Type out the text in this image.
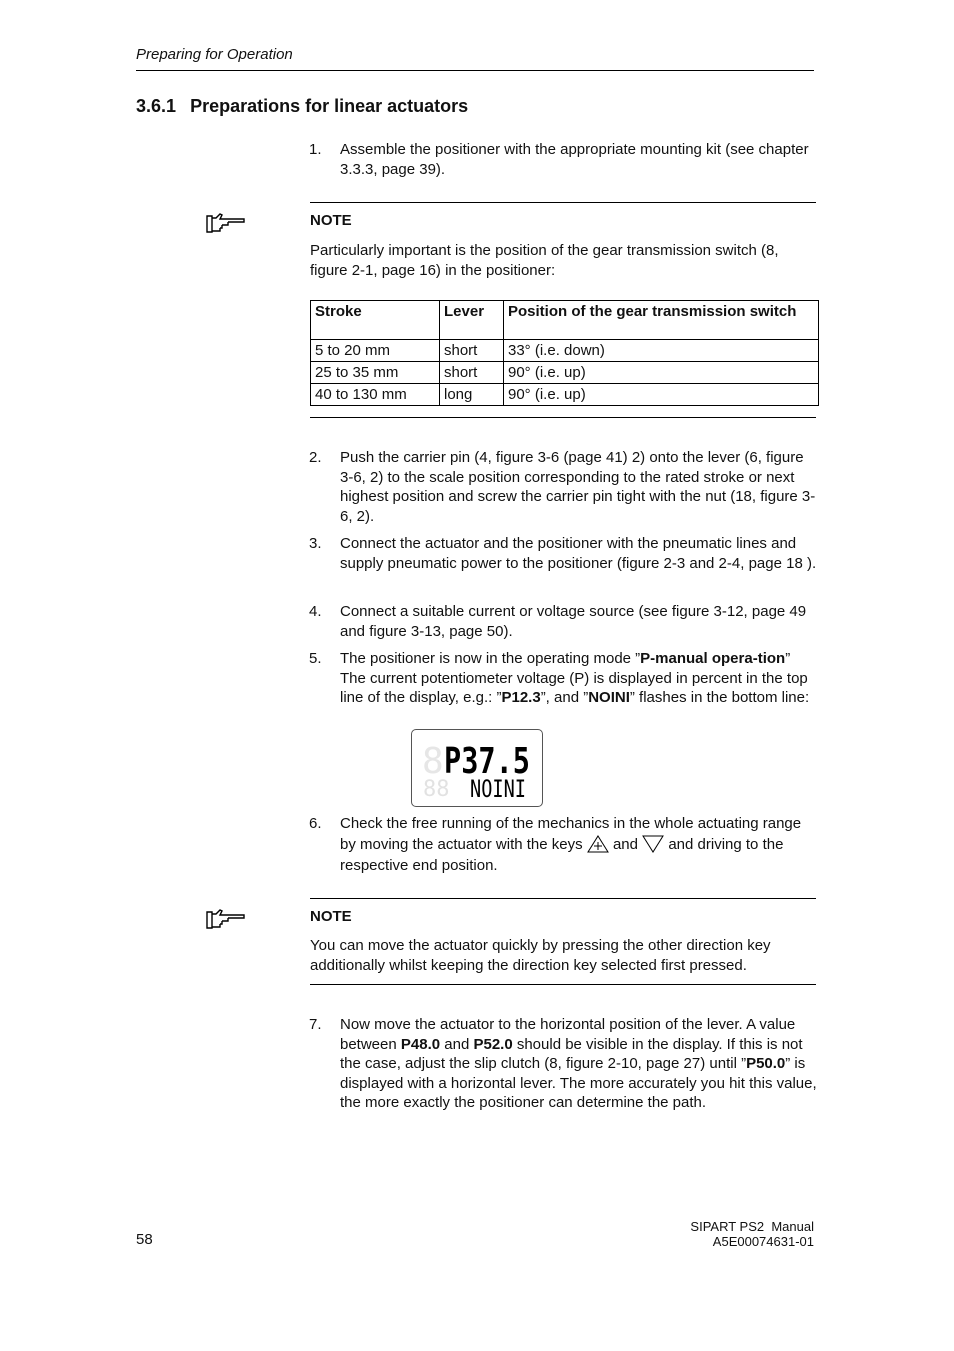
Preparing for Operation
3.6.1 Preparations for linear actuators
1. Assemble the positioner with the appropriate mounting kit (see chapter 3.3.3, page 39).
NOTE
Particularly important is the position of the gear transmission switch (8, figure 2-1, page 16) in the positioner:
Stroke	Lever	Position of the gear transmission switch
5 to 20 mm	short	33° (i.e. down)
25 to 35 mm	short	90° (i.e. up)
40 to 130 mm	long	90° (i.e. up)
2. Push the carrier pin (4, figure 3-6 (page 41) 2) onto the lever (6, figure 3-6, 2) to the scale position corresponding to the rated stroke or next highest position and screw the carrier pin tight with the nut (18, figure 3-6, 2).
3. Connect the actuator and the positioner with the pneumatic lines and supply pneumatic power to the positioner (figure 2-3 and 2-4, page 18 ).
4. Connect a suitable current or voltage source (see figure 3-12, page 49 and figure 3-13, page 50).
5. The positioner is now in the operating mode ”P-manual opera-tion” The current potentiometer voltage (P) is displayed in percent in the top line of the display, e.g.: ”P12.3”, and ”NOINI” flashes in the bottom line:
8 P37.5
88 NOINI
6. Check the free running of the mechanics in the whole actuating range by moving the actuator with the keys and and driving to the respective end position.
NOTE
You can move the actuator quickly by pressing the other direction key additionally whilst keeping the direction key selected first pressed.
7. Now move the actuator to the horizontal position of the lever. A value between P48.0 and P52.0 should be visible in the display. If this is not the case, adjust the slip clutch (8, figure 2-10, page 27) until ”P50.0” is displayed with a horizontal lever. The more accurately you hit this value, the more exactly the positioner can determine the path.
58
SIPART PS2  Manual
A5E00074631-01
